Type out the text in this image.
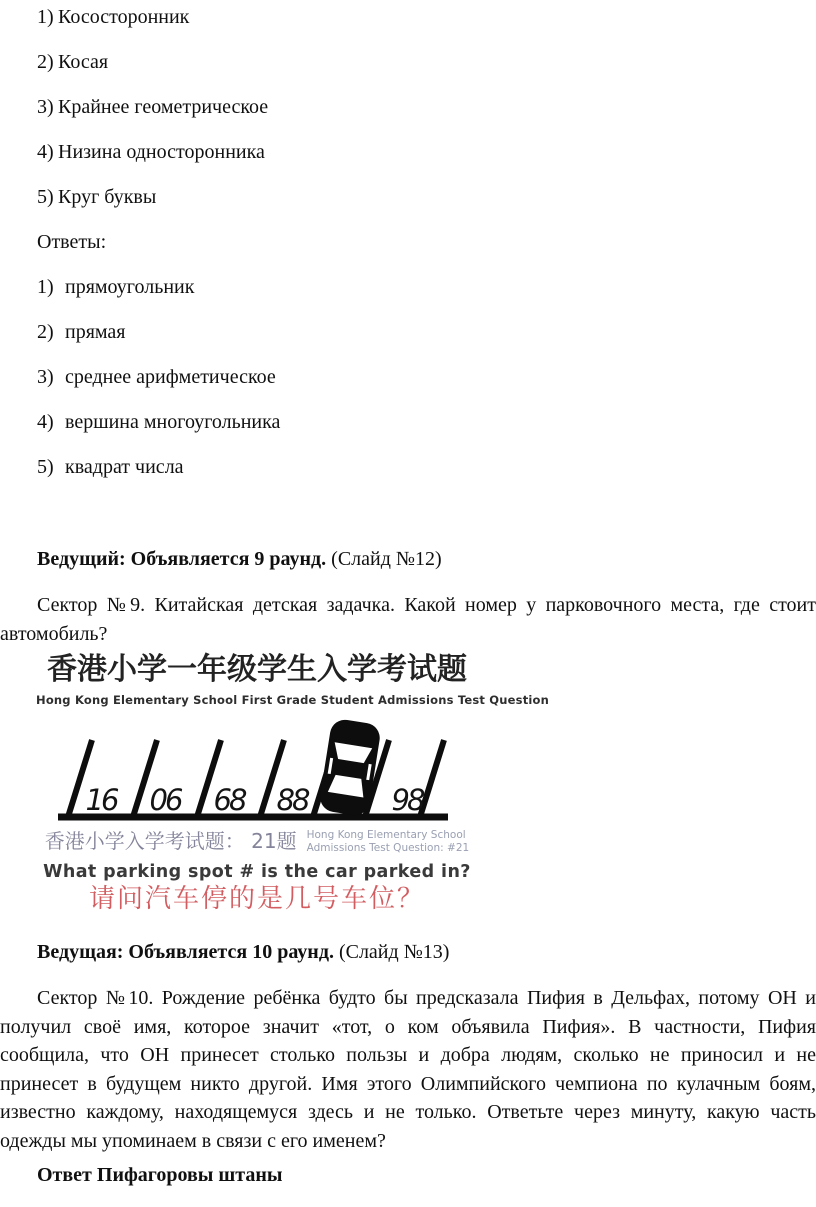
1) Кососторонник
2) Косая
3) Крайнее геометрическое
4) Низина односторонника
5) Круг буквы
Ответы:
1) прямоугольник
2) прямая
3) среднее арифметическое
4) вершина многоугольника
5) квадрат числа

Ведущий: Объявляется 9 раунд. (Слайд №12)

Сектор №9. Китайская детская задачка. Какой номер у парковочного места, где стоит автомобиль?

香港小学一年级学生入学考试题
Hong Kong Elementary School First Grade Student Admissions Test Question
16 06 68 88	98
香港小学入学考试题： 21题 Hong Kong Elementary School
Admissions Test Question: #21
What parking spot # is the car parked in?
请问汽车停的是几号车位？

Ведущая: Объявляется 10 раунд. (Слайд №13)

Сектор №10. Рождение ребёнка будто бы предсказала Пифия в Дельфах, потому ОН и получил своё имя, которое значит «тот, о ком объявила Пифия». В частности, Пифия сообщила, что ОН принесет столько пользы и добра людям, сколько не приносил и не принесет в будущем никто другой. Имя этого Олимпийского чемпиона по кулачным боям, известно каждому, находящемуся здесь и не только. Ответьте через минуту, какую часть одежды мы упоминаем в связи с его именем?

Ответ Пифагоровы штаны
